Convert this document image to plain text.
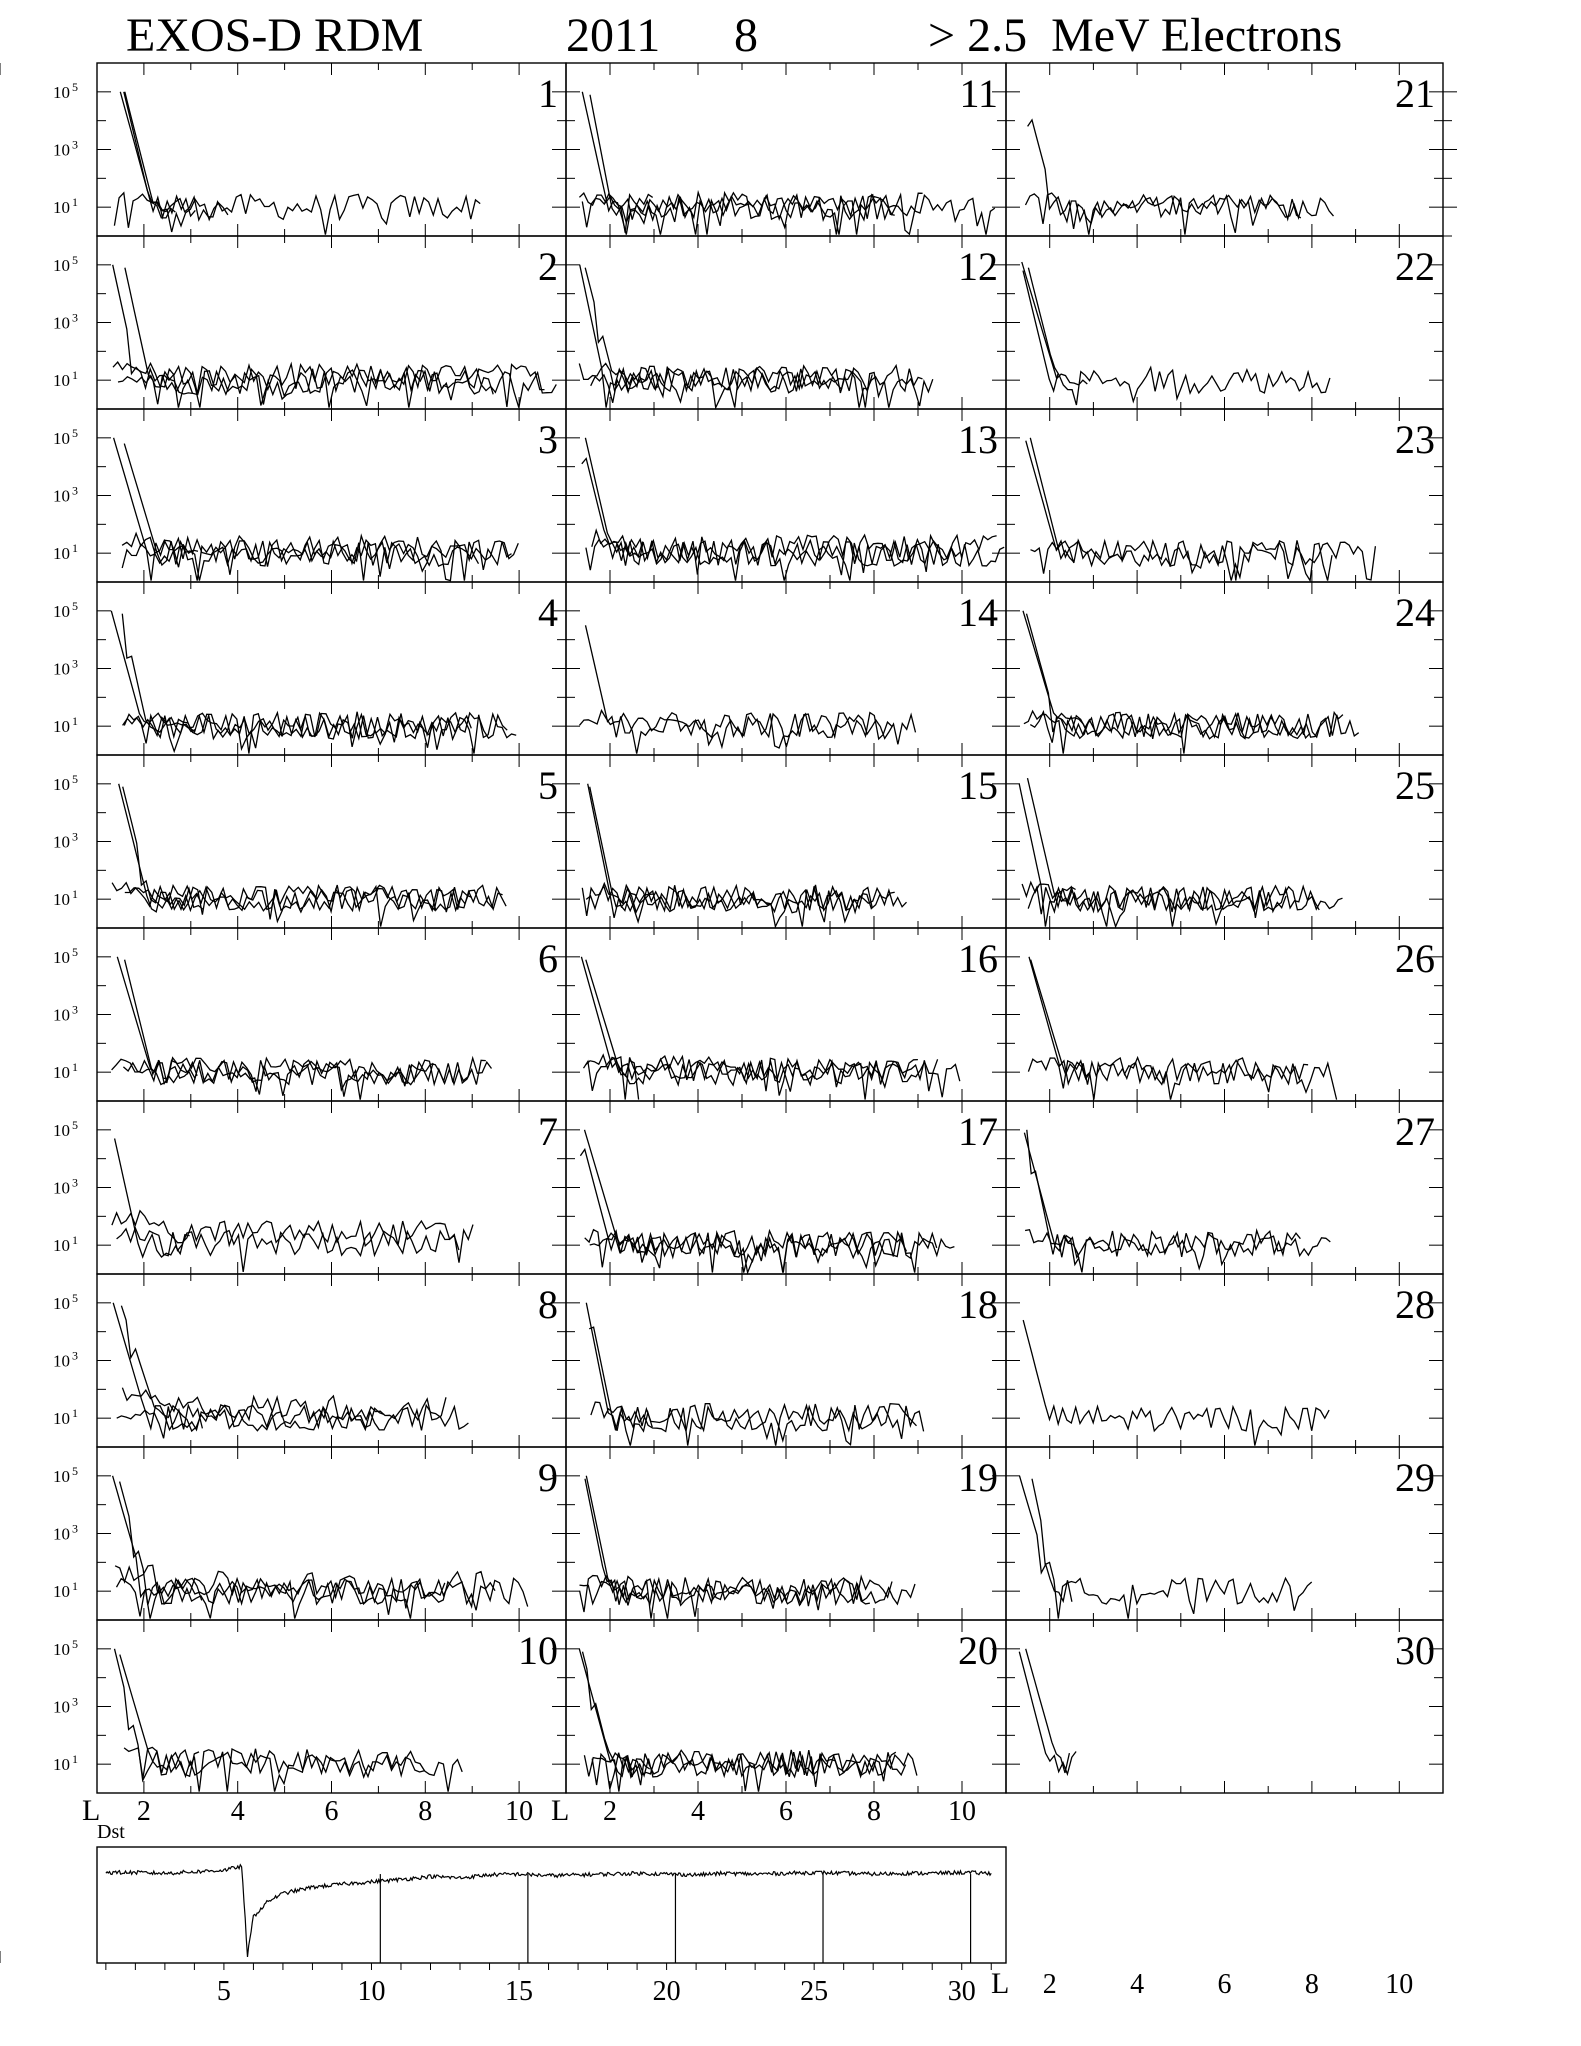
EXOS-D RDM	2011 8	> 2.5  MeV Electrons
1
10 5
10 3
10 1
2
10 5
10 3
10 1
3
10 5
10 3
10 1
4
10 5
10 3
10 1
5
10 5
10 3
10 1
6
10 5
10 3
10 1
7
10 5
10 3
10 1
8
10 5
10 3
10 1
9
10 5
10 3
10 1
10
10 5
10 3
10 1
11
12
13
14
15
16
17
18
19
20
21
22
23
24
25
26
27
28
29
30
L 2	4	6	8	10 L 2	4	6	8 10
L 2	4	6	8 10
Dst
5	10	15	20	25	30
